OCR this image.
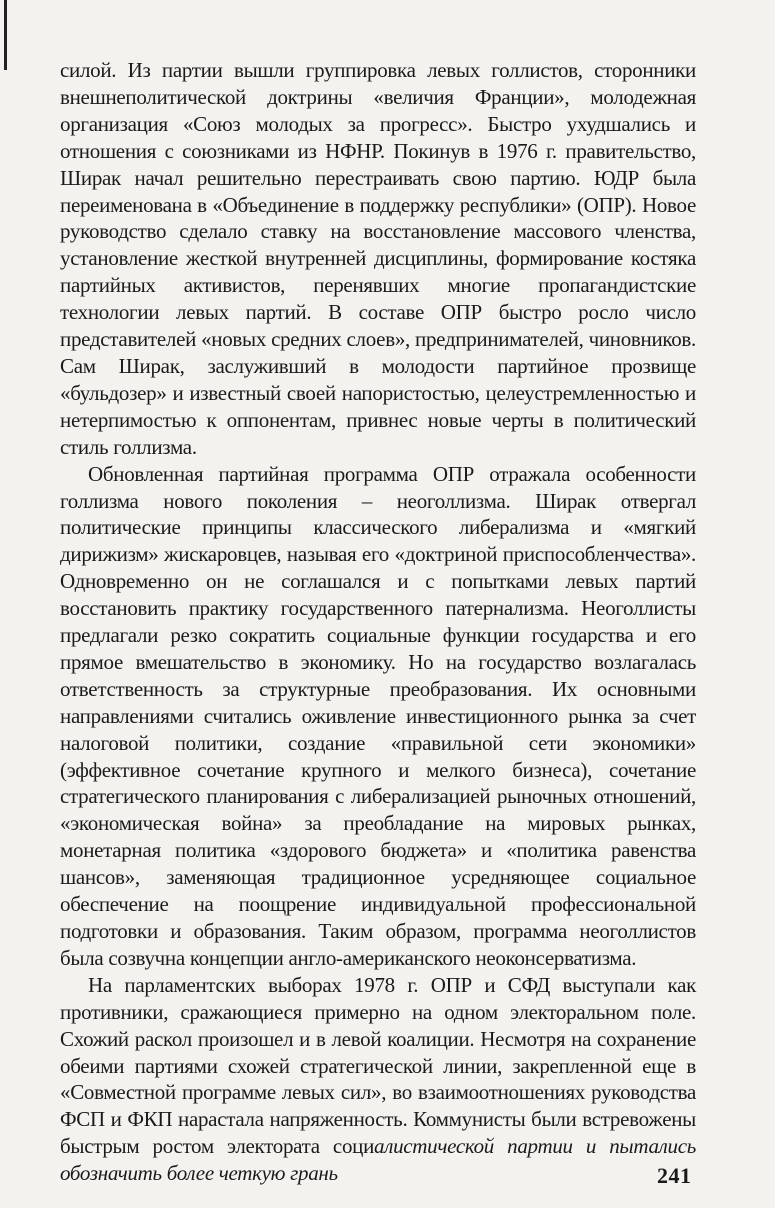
силой. Из партии вышли группировка левых голлистов, сторонники внешнеполитической доктрины «величия Франции», молодежная организация «Союз молодых за прогресс». Быстро ухудшались и отношения с союзниками из НФНР. Покинув в 1976 г. правительство, Ширак начал решительно перестраивать свою партию. ЮДР была переименована в «Объединение в поддержку республики» (ОПР). Новое руководство сделало ставку на восстановление массового членства, установление жесткой внутренней дисциплины, формирование костяка партийных активистов, перенявших многие пропагандистские технологии левых партий. В составе ОПР быстро росло число представителей «новых средних слоев», предпринимателей, чиновников. Сам Ширак, заслуживший в молодости партийное прозвище «бульдозер» и известный своей напористостью, целеустремленностью и нетерпимостью к оппонентам, привнес новые черты в политический стиль голлизма.

Обновленная партийная программа ОПР отражала особенности голлизма нового поколения – неоголлизма. Ширак отвергал политические принципы классического либерализма и «мягкий дирижизм» жискаровцев, называя его «доктриной приспособленчества». Одновременно он не соглашался и с попытками левых партий восстановить практику государственного патернализма. Неоголлисты предлагали резко сократить социальные функции государства и его прямое вмешательство в экономику. Но на государство возлагалась ответственность за структурные преобразования. Их основными направлениями считались оживление инвестиционного рынка за счет налоговой политики, создание «правильной сети экономики» (эффективное сочетание крупного и мелкого бизнеса), сочетание стратегического планирования с либерализацией рыночных отношений, «экономическая война» за преобладание на мировых рынках, монетарная политика «здорового бюджета» и «политика равенства шансов», заменяющая традиционное усредняющее социальное обеспечение на поощрение индивидуальной профессиональной подготовки и образования. Таким образом, программа неоголлистов была созвучна концепции англо-американского неоконсерватизма.

На парламентских выборах 1978 г. ОПР и СФД выступали как противники, сражающиеся примерно на одном электоральном поле. Схожий раскол произошел и в левой коалиции. Несмотря на сохранение обеими партиями схожей стратегической линии, закрепленной еще в «Совместной программе левых сил», во взаимоотношениях руководства ФСП и ФКП нарастала напряженность. Коммунисты были встревожены быстрым ростом электората социалистической партии и пытались обозначить более четкую грань	241
